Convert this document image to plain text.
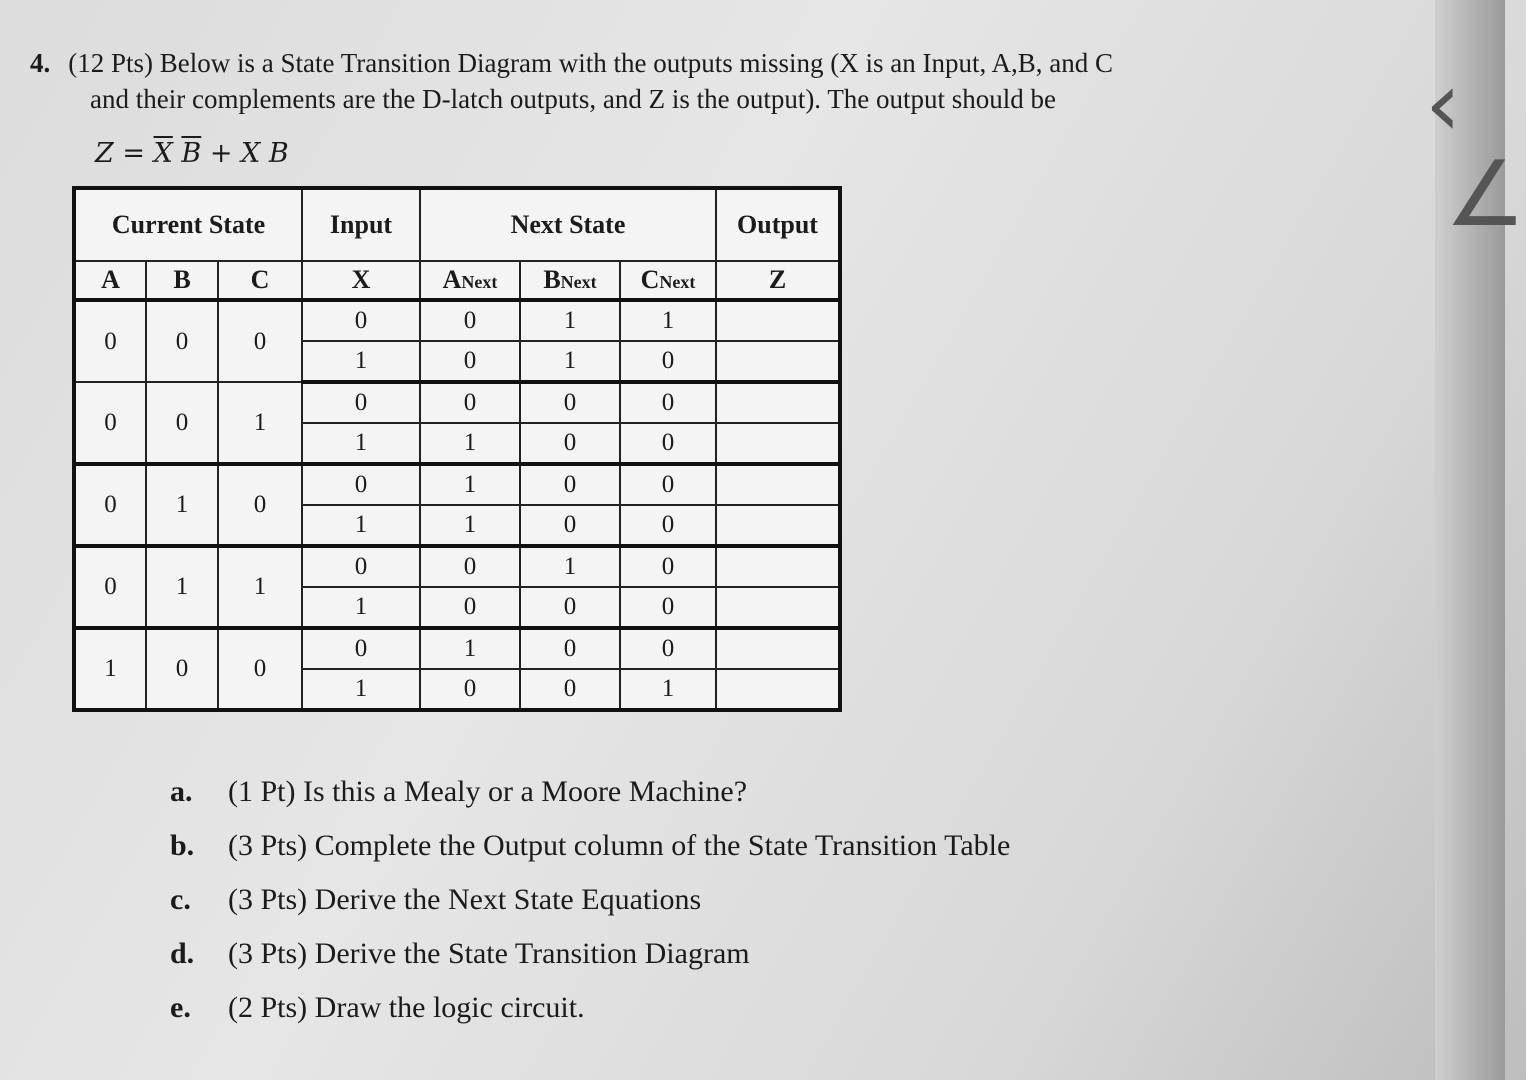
‹
∠
4. (12 Pts) Below is a State Transition Diagram with the outputs missing (X is an Input, A,B, and C
and their complements are the D-latch outputs, and Z is the output). The output should be
$Z = \overline{X}$ $\overline{B} + X$ B
Current State			Input	Next State			Output
A	B	C	X	ANext	BNext	CNext	Z
0	0	0	0	0	1	1	
			1	0	1	0	
0	0	1	0	0	0	0	
			1	1	0	0	
0	1	0	0	1	0	0	
			1	1	0	0	
0	1	1	0	0	1	0	
			1	0	0	0	
1	0	0	0	1	0	0	
			1	0	0	1	
a. (1 Pt) Is this a Mealy or a Moore Machine?
b. (3 Pts) Complete the Output column of the State Transition Table
c. (3 Pts) Derive the Next State Equations
d. (3 Pts) Derive the State Transition Diagram
e. (2 Pts) Draw the logic circuit.
